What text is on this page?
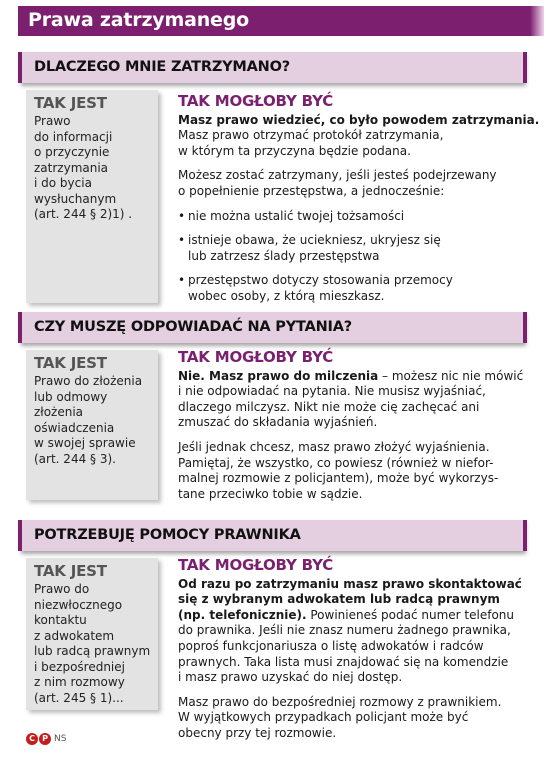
Prawa zatrzymanego
DLACZEGO MNIE ZATRZYMANO?
TAK JEST
Prawo
do informacji
o przyczynie
zatrzymania
i do bycia
wysłuchanym
(art. 244 § 2)1) .
TAK MOGŁOBY BYĆ

Masz prawo wiedzieć, co było powodem zatrzymania.
Masz prawo otrzymać protokół zatrzymania,
w którym ta przyczyna będzie podana.

Możesz zostać zatrzymany, jeśli jesteś podejrzewany
o popełnienie przestępstwa, a jednocześnie:

• nie można ustalić twojej tożsamości
• istnieje obawa, że uciekniesz, ukryjesz się
lub zatrzesz ślady przestępstwa
• przestępstwo dotyczy stosowania przemocy
wobec osoby, z którą mieszkasz.
CZY MUSZĘ ODPOWIADAĆ NA PYTANIA?
TAK JEST
Prawo do złożenia
lub odmowy
złożenia
oświadczenia
w swojej sprawie
(art. 244 § 3).
TAK MOGŁOBY BYĆ

Nie. Masz prawo do milczenia – możesz nic nie mówić
i nie odpowiadać na pytania. Nie musisz wyjaśniać,
dlaczego milczysz. Nikt nie może cię zachęcać ani
zmuszać do składania wyjaśnień.

Jeśli jednak chcesz, masz prawo złożyć wyjaśnienia.
Pamiętaj, że wszystko, co powiesz (również w niefor-
malnej rozmowie z policjantem), może być wykorzys-
tane przeciwko tobie w sądzie.

POTRZEBUJĘ POMOCY PRAWNIKA
TAK JEST
Prawo do
niezwłocznego
kontaktu
z adwokatem
lub radcą prawnym
i bezpośredniej
z nim rozmowy
(art. 245 § 1)...
TAK MOGŁOBY BYĆ

Od razu po zatrzymaniu masz prawo skontaktować
się z wybranym adwokatem lub radcą prawnym
(np. telefonicznie). Powinieneś podać numer telefonu
do prawnika. Jeśli nie znasz numeru żadnego prawnika,
poproś funkcjonariusza o listę adwokatów i radców
prawnych. Taka lista musi znajdować się na komendzie
i masz prawo uzyskać do niej dostęp.

Masz prawo do bezpośredniej rozmowy z prawnikiem.
W wyjątkowych przypadkach policjant może być
obecny przy tej rozmowie.

C P NS
